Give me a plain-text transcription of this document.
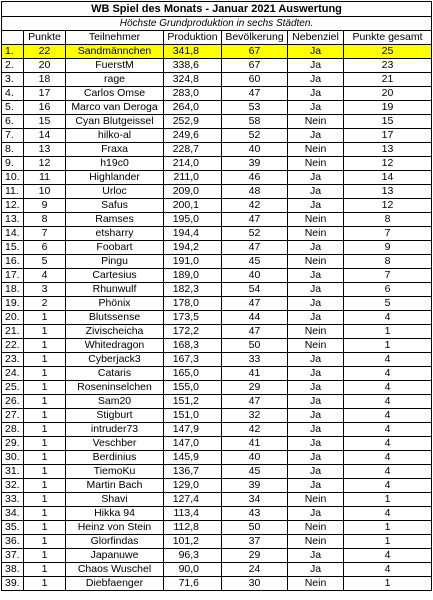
WB Spiel des Monats - Januar 2021 Auswertung						
Höchste Grundproduktion in sechs Städten.						
	Punkte	Teilnehmer	Produktion	Bevölkerung	Nebenziel	Punkte gesamt
1.	22	Sandmännchen	341,8	67	Ja	25
2.	20	FuerstM	338,6	67	Ja	23
3.	18	rage	324,8	60	Ja	21
4.	17	Carlos Omse	283,0	47	Ja	20
5.	16	Marco van Deroga	264,0	53	Ja	19
6.	15	Cyan Blutgeissel	252,9	58	Nein	15
7.	14	hilko-al	249,6	52	Ja	17
8.	13	Fraxa	228,7	40	Nein	13
9.	12	h19c0	214,0	39	Nein	12
10.	11	Highlander	211,0	46	Ja	14
11.	10	Urloc	209,0	48	Ja	13
12.	9	Safus	200,1	42	Ja	12
13.	8	Ramses	195,0	47	Nein	8
14.	7	etsharry	194,4	52	Nein	7
15.	6	Foobart	194,2	47	Ja	9
16.	5	Pingu	191,0	45	Nein	8
17.	4	Cartesius	189,0	40	Ja	7
18.	3	Rhunwulf	182,3	54	Ja	6
19.	2	Phönix	178,0	47	Ja	5
20.	1	Blutssense	173,5	44	Ja	4
21.	1	Zivischeicha	172,2	47	Nein	1
22.	1	Whitedragon	168,3	50	Nein	1
23.	1	Cyberjack3	167,3	33	Ja	4
24.	1	Cataris	165,0	41	Ja	4
25.	1	Roseninselchen	155,0	29	Ja	4
26.	1	Sam20	151,2	47	Ja	4
27.	1	Stigburt	151,0	32	Ja	4
28.	1	intruder73	147,9	42	Ja	4
29.	1	Veschber	147,0	41	Ja	4
30.	1	Berdinius	145,9	40	Ja	4
31.	1	TiemoKu	136,7	45	Ja	4
32.	1	Martin Bach	129,0	39	Ja	4
33.	1	Shavi	127,4	34	Nein	1
34.	1	Hikka 94	113,4	43	Ja	4
35.	1	Heinz von Stein	112,8	50	Nein	1
36.	1	Glorfindas	101,2	37	Nein	1
37.	1	Japanuwe	96,3	29	Ja	4
38.	1	Chaos Wuschel	90,0	24	Ja	4
39.	1	Diebfaenger	71,6	30	Nein	1
